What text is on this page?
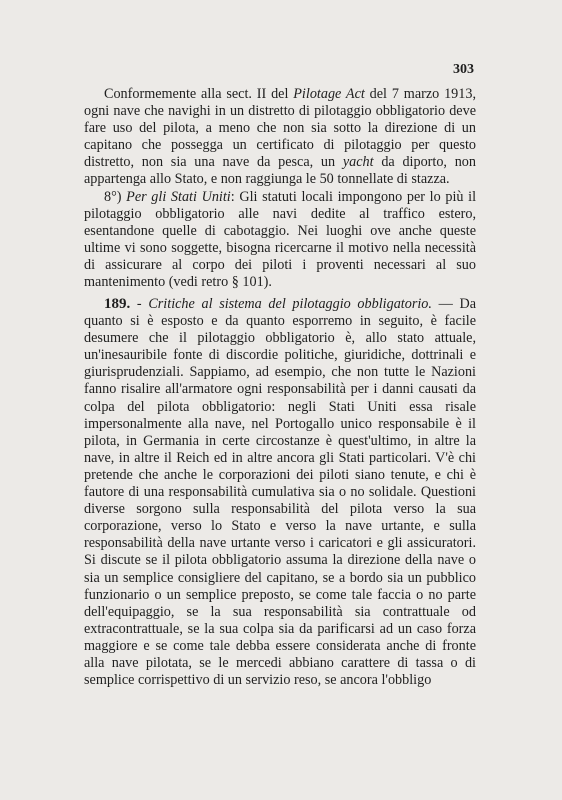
303

Conformemente alla sect. II del Pilotage Act del 7 marzo 1913, ogni nave che navighi in un distretto di pilotaggio obbligatorio deve fare uso del pilota, a meno che non sia sotto la direzione di un capitano che possegga un certificato di pilotaggio per questo distretto, non sia una nave da pesca, un yacht da diporto, non appartenga allo Stato, e non raggiunga le 50 tonnellate di stazza.

8°) Per gli Stati Uniti: Gli statuti locali impongono per lo più il pilotaggio obbligatorio alle navi dedite al traffico estero, esentandone quelle di cabotaggio. Nei luoghi ove anche queste ultime vi sono soggette, bisogna ricercarne il motivo nella necessità di assicurare al corpo dei piloti i proventi necessari al suo mantenimento (vedi retro § 101).

189. - Critiche al sistema del pilotaggio obbligatorio. — Da quanto si è esposto e da quanto esporremo in seguito, è facile desumere che il pilotaggio obbligatorio è, allo stato attuale, un'inesauribile fonte di discordie politiche, giuridiche, dottrinali e giurisprudenziali. Sappiamo, ad esempio, che non tutte le Nazioni fanno risalire all'armatore ogni responsabilità per i danni causati da colpa del pilota obbligatorio: negli Stati Uniti essa risale impersonalmente alla nave, nel Portogallo unico responsabile è il pilota, in Germania in certe circostanze è quest'ultimo, in altre la nave, in altre il Reich ed in altre ancora gli Stati particolari. V'è chi pretende che anche le corporazioni dei piloti siano tenute, e chi è fautore di una responsabilità cumulativa sia o no solidale. Questioni diverse sorgono sulla responsabilità del pilota verso la sua corporazione, verso lo Stato e verso la nave urtante, e sulla responsabilità della nave urtante verso i caricatori e gli assicuratori. Si discute se il pilota obbligatorio assuma la direzione della nave o sia un semplice consigliere del capitano, se a bordo sia un pubblico funzionario o un semplice preposto, se come tale faccia o no parte dell'equipaggio, se la sua responsabilità sia contrattuale od extracontrattuale, se la sua colpa sia da parificarsi ad un caso forza maggiore e se come tale debba essere considerata anche di fronte alla nave pilotata, se le mercedi abbiano carattere di tassa o di semplice corrispettivo di un servizio reso, se ancora l'obbligo
